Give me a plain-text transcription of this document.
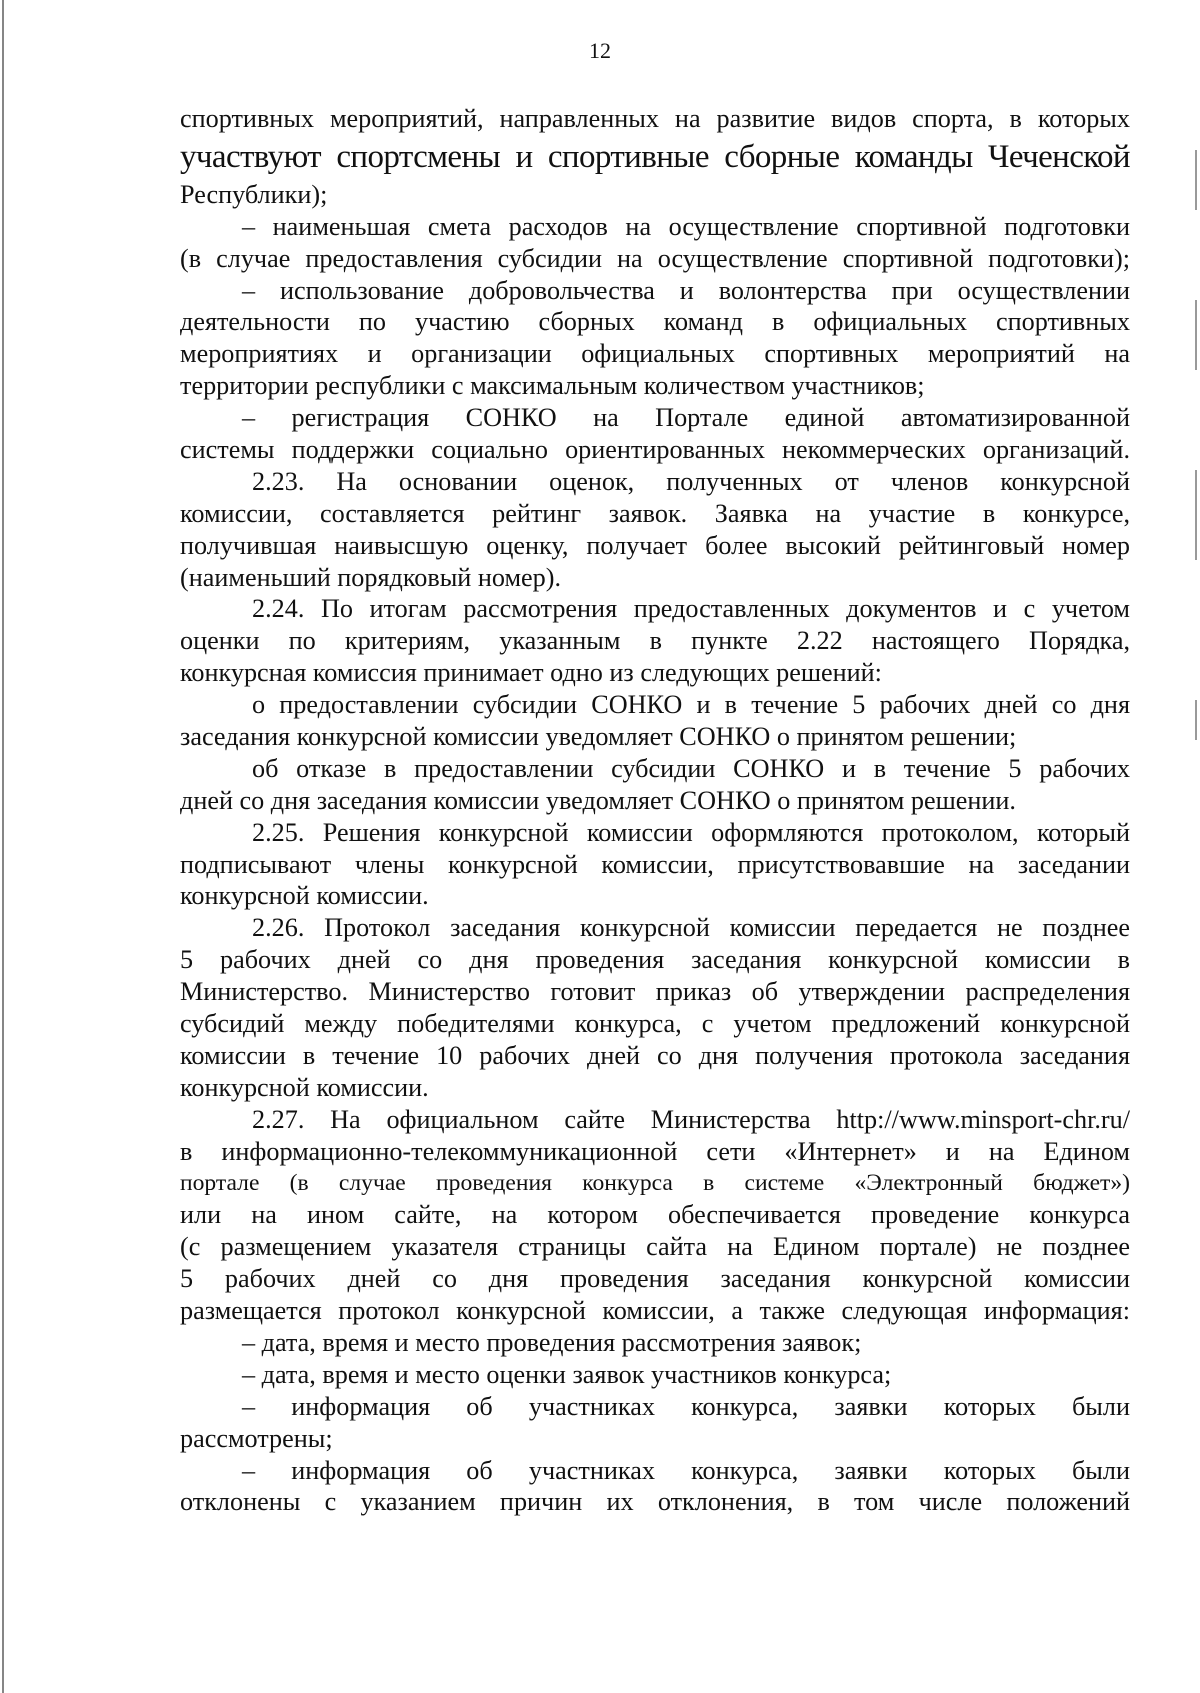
12
спортивных мероприятий, направленных на развитие видов спорта, в которых
участвуют спортсмены и спортивные сборные команды Чеченской
Республики);
– наименьшая смета расходов на осуществление спортивной подготовки
(в случае предоставления субсидии на осуществление спортивной подготовки);
– использование добровольчества и волонтерства при осуществлении
деятельности по участию сборных команд в официальных спортивных
мероприятиях и организации официальных спортивных мероприятий на
территории республики с максимальным количеством участников;
– регистрация СОНКО на Портале единой автоматизированной
системы поддержки социально ориентированных некоммерческих организаций.
2.23. На основании оценок, полученных от членов конкурсной
комиссии, составляется рейтинг заявок. Заявка на участие в конкурсе,
получившая наивысшую оценку, получает более высокий рейтинговый номер
(наименьший порядковый номер).
2.24. По итогам рассмотрения предоставленных документов и с учетом
оценки по критериям, указанным в пункте 2.22 настоящего Порядка,
конкурсная комиссия принимает одно из следующих решений:
о предоставлении субсидии СОНКО и в течение 5 рабочих дней со дня
заседания конкурсной комиссии уведомляет СОНКО о принятом решении;
об отказе в предоставлении субсидии СОНКО и в течение 5 рабочих
дней со дня заседания комиссии уведомляет СОНКО о принятом решении.
2.25. Решения конкурсной комиссии оформляются протоколом, который
подписывают члены конкурсной комиссии, присутствовавшие на заседании
конкурсной комиссии.
2.26. Протокол заседания конкурсной комиссии передается не позднее
5 рабочих дней со дня проведения заседания конкурсной комиссии в
Министерство. Министерство готовит приказ об утверждении распределения
субсидий между победителями конкурса, с учетом предложений конкурсной
комиссии в течение 10 рабочих дней со дня получения протокола заседания
конкурсной комиссии.
2.27. На официальном сайте Министерства http://www.minsport-chr.ru/
в информационно-телекоммуникационной сети «Интернет» и на Едином
портале (в случае проведения конкурса в системе «Электронный бюджет»)
или на ином сайте, на котором обеспечивается проведение конкурса
(с размещением указателя страницы сайта на Едином портале) не позднее
5 рабочих дней со дня проведения заседания конкурсной комиссии
размещается протокол конкурсной комиссии, а также следующая информация:
– дата, время и место проведения рассмотрения заявок;
– дата, время и место оценки заявок участников конкурса;
– информация об участниках конкурса, заявки которых были
рассмотрены;
– информация об участниках конкурса, заявки которых были
отклонены с указанием причин их отклонения, в том числе положений
